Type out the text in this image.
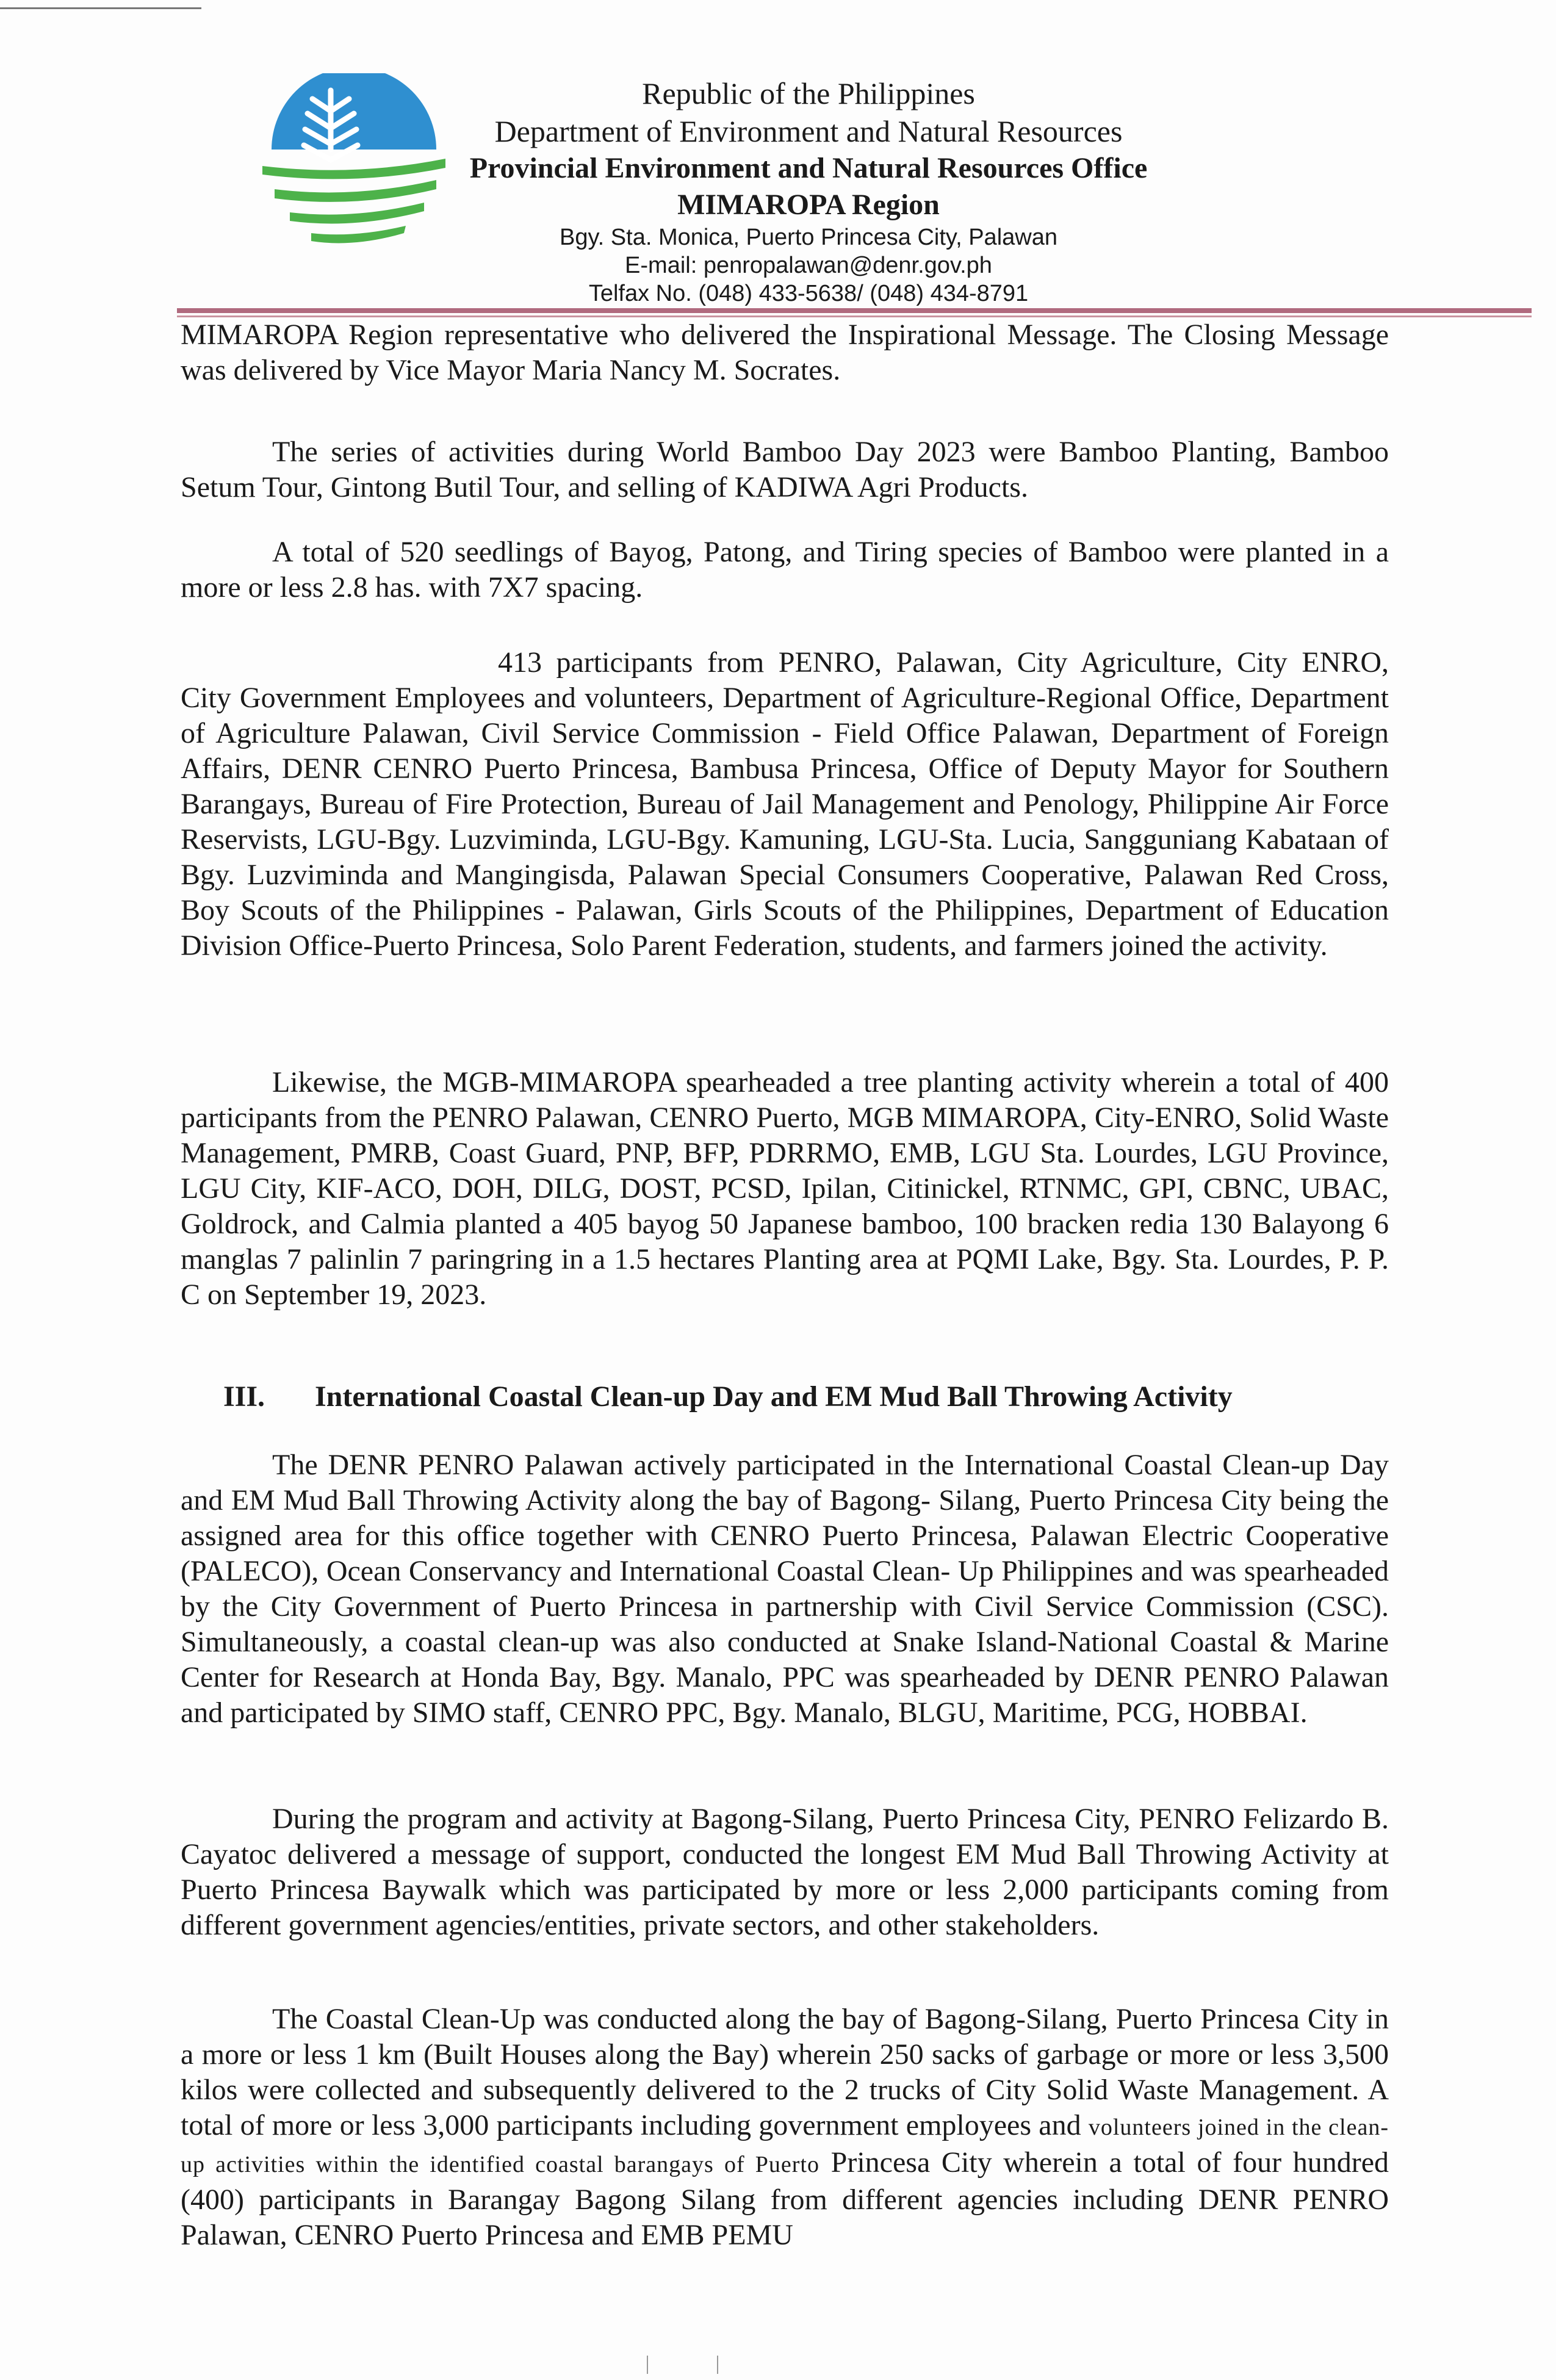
Republic of the Philippines
Department of Environment and Natural Resources
Provincial Environment and Natural Resources Office
MIMAROPA Region
Bgy. Sta. Monica, Puerto Princesa City, Palawan
E-mail: penropalawan@denr.gov.ph
Telfax No. (048) 433-5638/ (048) 434-8791

MIMAROPA Region representative who delivered the Inspirational Message. The Closing Message was delivered by Vice Mayor Maria Nancy M. Socrates.

The series of activities during World Bamboo Day 2023 were Bamboo Planting, Bamboo Setum Tour, Gintong Butil Tour, and selling of KADIWA Agri Products.

A total of 520 seedlings of Bayog, Patong, and Tiring species of Bamboo were planted in a more or less 2.8 has. with 7X7 spacing.

413 participants from PENRO, Palawan, City Agriculture, City ENRO, City Government Employees and volunteers, Department of Agriculture-Regional Office, Department of Agriculture Palawan, Civil Service Commission - Field Office Palawan, Department of Foreign Affairs, DENR CENRO Puerto Princesa, Bambusa Princesa, Office of Deputy Mayor for Southern Barangays, Bureau of Fire Protection, Bureau of Jail Management and Penology, Philippine Air Force Reservists, LGU-Bgy. Luzviminda, LGU-Bgy. Kamuning, LGU-Sta. Lucia, Sangguniang Kabataan of Bgy. Luzviminda and Mangingisda, Palawan Special Consumers Cooperative, Palawan Red Cross, Boy Scouts of the Philippines - Palawan, Girls Scouts of the Philippines, Department of Education Division Office-Puerto Princesa, Solo Parent Federation, students, and farmers joined the activity.

Likewise, the MGB-MIMAROPA spearheaded a tree planting activity wherein a total of 400 participants from the PENRO Palawan, CENRO Puerto, MGB MIMAROPA, City-ENRO, Solid Waste Management, PMRB, Coast Guard, PNP, BFP, PDRRMO, EMB, LGU Sta. Lourdes, LGU Province, LGU City, KIF-ACO, DOH, DILG, DOST, PCSD, Ipilan, Citinickel, RTNMC, GPI, CBNC, UBAC, Goldrock, and Calmia planted a 405 bayog 50 Japanese bamboo, 100 bracken redia 130 Balayong 6 manglas 7 palinlin 7 paringring in a 1.5 hectares Planting area at PQMI Lake, Bgy. Sta. Lourdes, P. P. C on September 19, 2023.

III. International Coastal Clean-up Day and EM Mud Ball Throwing Activity

The DENR PENRO Palawan actively participated in the International Coastal Clean-up Day and EM Mud Ball Throwing Activity along the bay of Bagong- Silang, Puerto Princesa City being the assigned area for this office together with CENRO Puerto Princesa, Palawan Electric Cooperative (PALECO), Ocean Conservancy and International Coastal Clean- Up Philippines and was spearheaded by the City Government of Puerto Princesa in partnership with Civil Service Commission (CSC). Simultaneously, a coastal clean-up was also conducted at Snake Island-National Coastal & Marine Center for Research at Honda Bay, Bgy. Manalo, PPC was spearheaded by DENR PENRO Palawan and participated by SIMO staff, CENRO PPC, Bgy. Manalo, BLGU, Maritime, PCG, HOBBAI.

During the program and activity at Bagong-Silang, Puerto Princesa City, PENRO Felizardo B. Cayatoc delivered a message of support, conducted the longest EM Mud Ball Throwing Activity at Puerto Princesa Baywalk which was participated by more or less 2,000 participants coming from different government agencies/entities, private sectors, and other stakeholders.

The Coastal Clean-Up was conducted along the bay of Bagong-Silang, Puerto Princesa City in a more or less 1 km (Built Houses along the Bay) wherein 250 sacks of garbage or more or less 3,500 kilos were collected and subsequently delivered to the 2 trucks of City Solid Waste Management. A total of more or less 3,000 participants including government employees and volunteers joined in the clean-up activities within the identified coastal barangays of Puerto Princesa City wherein a total of four hundred (400) participants in Barangay Bagong Silang from different agencies including DENR PENRO Palawan, CENRO Puerto Princesa and EMB PEMU
